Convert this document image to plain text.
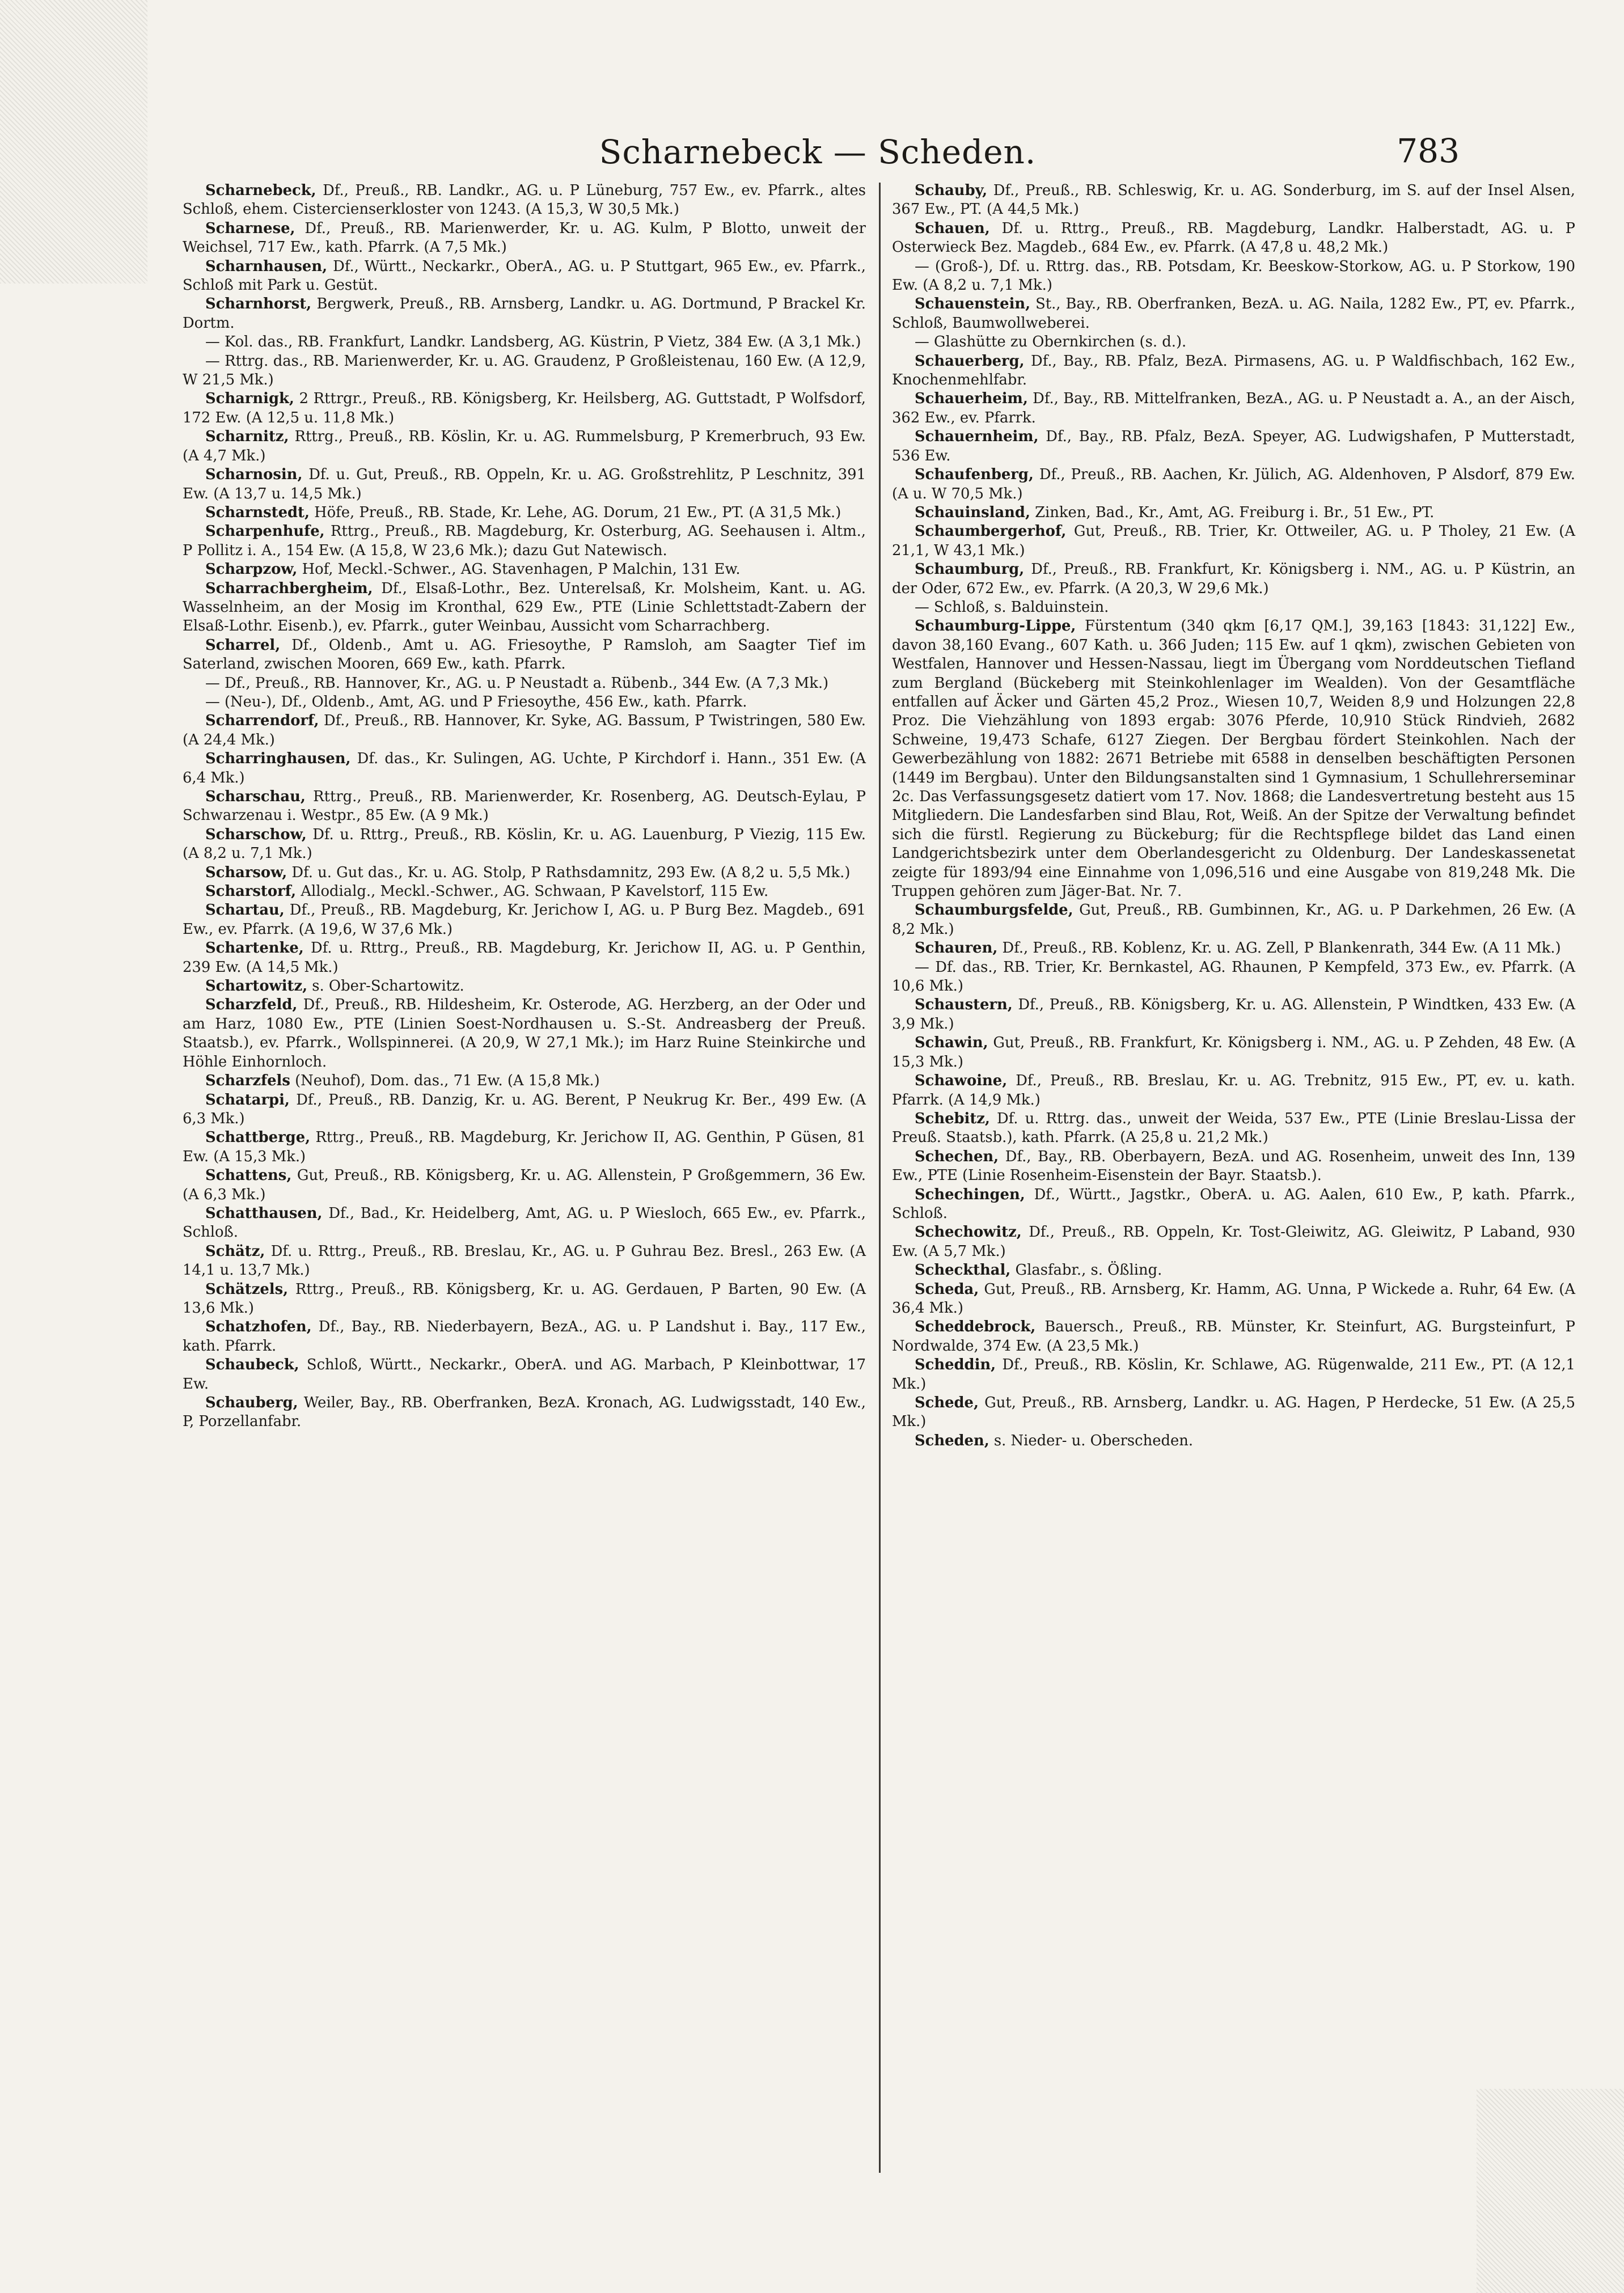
Scharnebeck — Scheden.	783

Scharnebeck, Df., Preuß., RB. Landkr., AG. u. P Lüneburg, 757 Ew., ev. Pfarrk., altes Schloß, ehem. Cistercienserkloster von 1243. (A 15,3, W 30,5 Mk.)

Scharnese, Df., Preuß., RB. Marienwerder, Kr. u. AG. Kulm, P Blotto, unweit der Weichsel, 717 Ew., kath. Pfarrk. (A 7,5 Mk.)

Scharnhausen, Df., Württ., Neckarkr., OberA., AG. u. P Stuttgart, 965 Ew., ev. Pfarrk., Schloß mit Park u. Gestüt.

Scharnhorst, Bergwerk, Preuß., RB. Arnsberg, Landkr. u. AG. Dortmund, P Brackel Kr. Dortm.

— Kol. das., RB. Frankfurt, Landkr. Landsberg, AG. Küstrin, P Vietz, 384 Ew. (A 3,1 Mk.)

— Rttrg. das., RB. Marienwerder, Kr. u. AG. Graudenz, P Großleistenau, 160 Ew. (A 12,9, W 21,5 Mk.)

Scharnigk, 2 Rttrgr., Preuß., RB. Königsberg, Kr. Heilsberg, AG. Guttstadt, P Wolfsdorf, 172 Ew. (A 12,5 u. 11,8 Mk.)

Scharnitz, Rttrg., Preuß., RB. Köslin, Kr. u. AG. Rummelsburg, P Kremerbruch, 93 Ew. (A 4,7 Mk.)

Scharnosin, Df. u. Gut, Preuß., RB. Oppeln, Kr. u. AG. Großstrehlitz, P Leschnitz, 391 Ew. (A 13,7 u. 14,5 Mk.)

Scharnstedt, Höfe, Preuß., RB. Stade, Kr. Lehe, AG. Dorum, 21 Ew., PT. (A 31,5 Mk.)

Scharpenhufe, Rttrg., Preuß., RB. Magdeburg, Kr. Osterburg, AG. Seehausen i. Altm., P Pollitz i. A., 154 Ew. (A 15,8, W 23,6 Mk.); dazu Gut Natewisch.

Scharpzow, Hof, Meckl.-Schwer., AG. Stavenhagen, P Malchin, 131 Ew.

Scharrachbergheim, Df., Elsaß-Lothr., Bez. Unterelsaß, Kr. Molsheim, Kant. u. AG. Wasselnheim, an der Mosig im Kronthal, 629 Ew., PTE (Linie Schlettstadt-Zabern der Elsaß-Lothr. Eisenb.), ev. Pfarrk., guter Weinbau, Aussicht vom Scharrachberg.

Scharrel, Df., Oldenb., Amt u. AG. Friesoythe, P Ramsloh, am Saagter Tief im Saterland, zwischen Mooren, 669 Ew., kath. Pfarrk.

— Df., Preuß., RB. Hannover, Kr., AG. u. P Neustadt a. Rübenb., 344 Ew. (A 7,3 Mk.)

— (Neu-), Df., Oldenb., Amt, AG. und P Friesoythe, 456 Ew., kath. Pfarrk.

Scharrendorf, Df., Preuß., RB. Hannover, Kr. Syke, AG. Bassum, P Twistringen, 580 Ew. (A 24,4 Mk.)

Scharringhausen, Df. das., Kr. Sulingen, AG. Uchte, P Kirchdorf i. Hann., 351 Ew. (A 6,4 Mk.)

Scharschau, Rttrg., Preuß., RB. Marienwerder, Kr. Rosenberg, AG. Deutsch-Eylau, P Schwarzenau i. Westpr., 85 Ew. (A 9 Mk.)

Scharschow, Df. u. Rttrg., Preuß., RB. Köslin, Kr. u. AG. Lauenburg, P Viezig, 115 Ew. (A 8,2 u. 7,1 Mk.)

Scharsow, Df. u. Gut das., Kr. u. AG. Stolp, P Rathsdamnitz, 293 Ew. (A 8,2 u. 5,5 Mk.)

Scharstorf, Allodialg., Meckl.-Schwer., AG. Schwaan, P Kavelstorf, 115 Ew.

Schartau, Df., Preuß., RB. Magdeburg, Kr. Jerichow I, AG. u. P Burg Bez. Magdeb., 691 Ew., ev. Pfarrk. (A 19,6, W 37,6 Mk.)

Schartenke, Df. u. Rttrg., Preuß., RB. Magdeburg, Kr. Jerichow II, AG. u. P Genthin, 239 Ew. (A 14,5 Mk.)

Schartowitz, s. Ober-Schartowitz.

Scharzfeld, Df., Preuß., RB. Hildesheim, Kr. Osterode, AG. Herzberg, an der Oder und am Harz, 1080 Ew., PTE (Linien Soest-Nordhausen u. S.-St. Andreasberg der Preuß. Staatsb.), ev. Pfarrk., Wollspinnerei. (A 20,9, W 27,1 Mk.); im Harz Ruine Steinkirche und Höhle Einhornloch.

Scharzfels (Neuhof), Dom. das., 71 Ew. (A 15,8 Mk.)

Schatarpi, Df., Preuß., RB. Danzig, Kr. u. AG. Berent, P Neukrug Kr. Ber., 499 Ew. (A 6,3 Mk.)

Schattberge, Rttrg., Preuß., RB. Magdeburg, Kr. Jerichow II, AG. Genthin, P Güsen, 81 Ew. (A 15,3 Mk.)

Schattens, Gut, Preuß., RB. Königsberg, Kr. u. AG. Allenstein, P Großgemmern, 36 Ew. (A 6,3 Mk.)

Schatthausen, Df., Bad., Kr. Heidelberg, Amt, AG. u. P Wiesloch, 665 Ew., ev. Pfarrk., Schloß.

Schätz, Df. u. Rttrg., Preuß., RB. Breslau, Kr., AG. u. P Guhrau Bez. Bresl., 263 Ew. (A 14,1 u. 13,7 Mk.)

Schätzels, Rttrg., Preuß., RB. Königsberg, Kr. u. AG. Gerdauen, P Barten, 90 Ew. (A 13,6 Mk.)

Schatzhofen, Df., Bay., RB. Niederbayern, BezA., AG. u. P Landshut i. Bay., 117 Ew., kath. Pfarrk.

Schaubeck, Schloß, Württ., Neckarkr., OberA. und AG. Marbach, P Kleinbottwar, 17 Ew.

Schauberg, Weiler, Bay., RB. Oberfranken, BezA. Kronach, AG. Ludwigsstadt, 140 Ew., P, Porzellanfabr.

Schauby, Df., Preuß., RB. Schleswig, Kr. u. AG. Sonderburg, im S. auf der Insel Alsen, 367 Ew., PT. (A 44,5 Mk.)

Schauen, Df. u. Rttrg., Preuß., RB. Magdeburg, Landkr. Halberstadt, AG. u. P Osterwieck Bez. Magdeb., 684 Ew., ev. Pfarrk. (A 47,8 u. 48,2 Mk.)

— (Groß-), Df. u. Rttrg. das., RB. Potsdam, Kr. Beeskow-Storkow, AG. u. P Storkow, 190 Ew. (A 8,2 u. 7,1 Mk.)

Schauenstein, St., Bay., RB. Oberfranken, BezA. u. AG. Naila, 1282 Ew., PT, ev. Pfarrk., Schloß, Baumwollweberei.

— Glashütte zu Obernkirchen (s. d.).

Schauerberg, Df., Bay., RB. Pfalz, BezA. Pirmasens, AG. u. P Waldfischbach, 162 Ew., Knochenmehlfabr.

Schauerheim, Df., Bay., RB. Mittelfranken, BezA., AG. u. P Neustadt a. A., an der Aisch, 362 Ew., ev. Pfarrk.

Schauernheim, Df., Bay., RB. Pfalz, BezA. Speyer, AG. Ludwigshafen, P Mutterstadt, 536 Ew.

Schaufenberg, Df., Preuß., RB. Aachen, Kr. Jülich, AG. Aldenhoven, P Alsdorf, 879 Ew. (A u. W 70,5 Mk.)

Schauinsland, Zinken, Bad., Kr., Amt, AG. Freiburg i. Br., 51 Ew., PT.

Schaumbergerhof, Gut, Preuß., RB. Trier, Kr. Ottweiler, AG. u. P Tholey, 21 Ew. (A 21,1, W 43,1 Mk.)

Schaumburg, Df., Preuß., RB. Frankfurt, Kr. Königsberg i. NM., AG. u. P Küstrin, an der Oder, 672 Ew., ev. Pfarrk. (A 20,3, W 29,6 Mk.)

— Schloß, s. Balduinstein.

Schaumburg-Lippe, Fürstentum (340 qkm [6,17 QM.], 39,163 [1843: 31,122] Ew., davon 38,160 Evang., 607 Kath. u. 366 Juden; 115 Ew. auf 1 qkm), zwischen Gebieten von Westfalen, Hannover und Hessen-Nassau, liegt im Übergang vom Norddeutschen Tiefland zum Bergland (Bückeberg mit Steinkohlenlager im Wealden). Von der Gesamtfläche entfallen auf Äcker und Gärten 45,2 Proz., Wiesen 10,7, Weiden 8,9 und Holzungen 22,8 Proz. Die Viehzählung von 1893 ergab: 3076 Pferde, 10,910 Stück Rindvieh, 2682 Schweine, 19,473 Schafe, 6127 Ziegen. Der Bergbau fördert Steinkohlen. Nach der Gewerbezählung von 1882: 2671 Betriebe mit 6588 in denselben beschäftigten Personen (1449 im Bergbau). Unter den Bildungsanstalten sind 1 Gymnasium, 1 Schullehrerseminar 2c. Das Verfassungsgesetz datiert vom 17. Nov. 1868; die Landesvertretung besteht aus 15 Mitgliedern. Die Landesfarben sind Blau, Rot, Weiß. An der Spitze der Verwaltung befindet sich die fürstl. Regierung zu Bückeburg; für die Rechtspflege bildet das Land einen Landgerichtsbezirk unter dem Oberlandesgericht zu Oldenburg. Der Landeskassenetat zeigte für 1893/94 eine Einnahme von 1,096,516 und eine Ausgabe von 819,248 Mk. Die Truppen gehören zum Jäger-Bat. Nr. 7.

Schaumburgsfelde, Gut, Preuß., RB. Gumbinnen, Kr., AG. u. P Darkehmen, 26 Ew. (A 8,2 Mk.)

Schauren, Df., Preuß., RB. Koblenz, Kr. u. AG. Zell, P Blankenrath, 344 Ew. (A 11 Mk.)

— Df. das., RB. Trier, Kr. Bernkastel, AG. Rhaunen, P Kempfeld, 373 Ew., ev. Pfarrk. (A 10,6 Mk.)

Schaustern, Df., Preuß., RB. Königsberg, Kr. u. AG. Allenstein, P Windtken, 433 Ew. (A 3,9 Mk.)

Schawin, Gut, Preuß., RB. Frankfurt, Kr. Königsberg i. NM., AG. u. P Zehden, 48 Ew. (A 15,3 Mk.)

Schawoine, Df., Preuß., RB. Breslau, Kr. u. AG. Trebnitz, 915 Ew., PT, ev. u. kath. Pfarrk. (A 14,9 Mk.)

Schebitz, Df. u. Rttrg. das., unweit der Weida, 537 Ew., PTE (Linie Breslau-Lissa der Preuß. Staatsb.), kath. Pfarrk. (A 25,8 u. 21,2 Mk.)

Schechen, Df., Bay., RB. Oberbayern, BezA. und AG. Rosenheim, unweit des Inn, 139 Ew., PTE (Linie Rosenheim-Eisenstein der Bayr. Staatsb.).

Schechingen, Df., Württ., Jagstkr., OberA. u. AG. Aalen, 610 Ew., P, kath. Pfarrk., Schloß.

Schechowitz, Df., Preuß., RB. Oppeln, Kr. Tost-Gleiwitz, AG. Gleiwitz, P Laband, 930 Ew. (A 5,7 Mk.)

Scheckthal, Glasfabr., s. Ößling.

Scheda, Gut, Preuß., RB. Arnsberg, Kr. Hamm, AG. Unna, P Wickede a. Ruhr, 64 Ew. (A 36,4 Mk.)

Scheddebrock, Bauersch., Preuß., RB. Münster, Kr. Steinfurt, AG. Burgsteinfurt, P Nordwalde, 374 Ew. (A 23,5 Mk.)

Scheddin, Df., Preuß., RB. Köslin, Kr. Schlawe, AG. Rügenwalde, 211 Ew., PT. (A 12,1 Mk.)

Schede, Gut, Preuß., RB. Arnsberg, Landkr. u. AG. Hagen, P Herdecke, 51 Ew. (A 25,5 Mk.)

Scheden, s. Nieder- u. Oberscheden.
